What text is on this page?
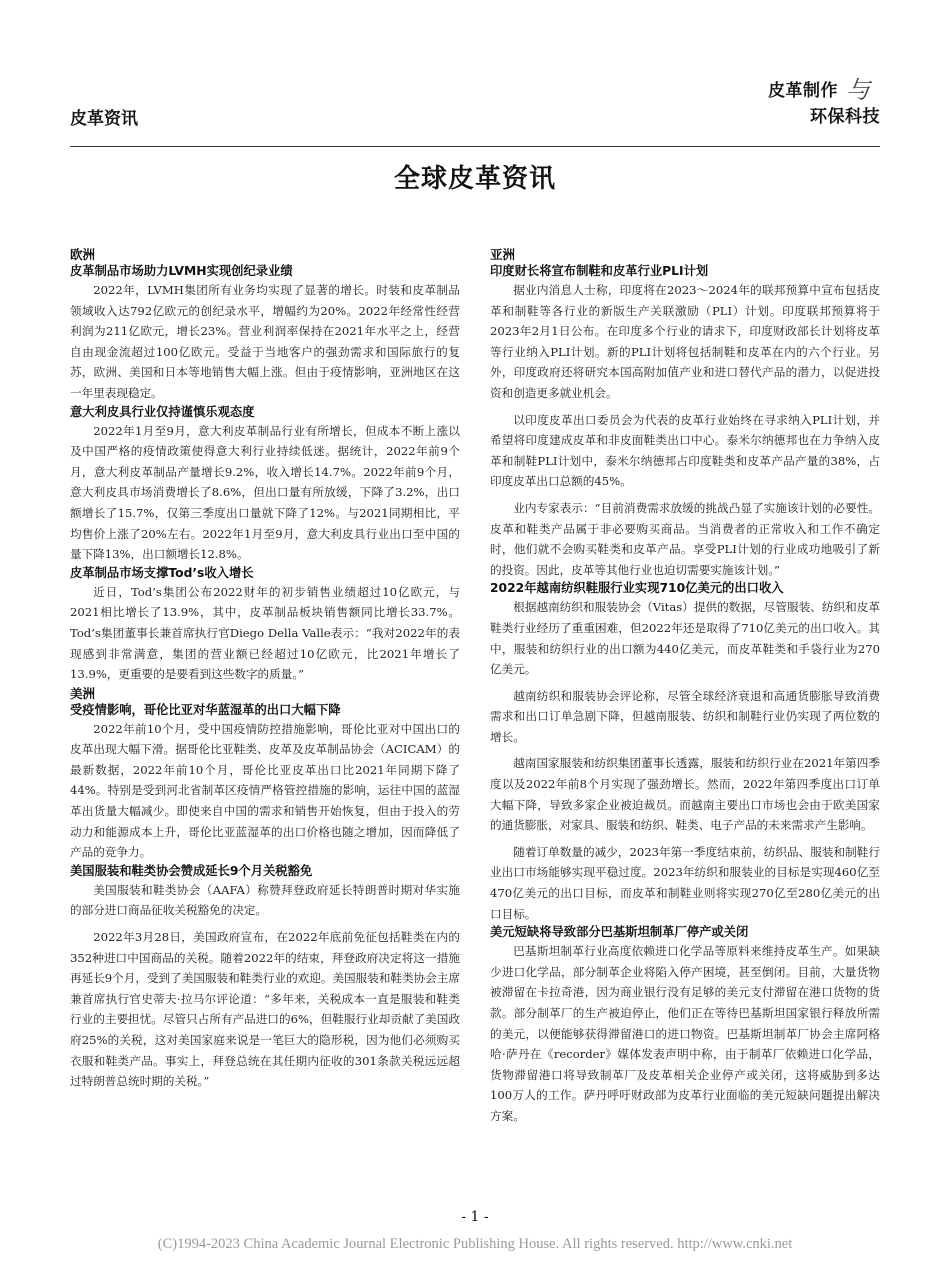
皮革资讯
皮革制作 与
环保科技
全球皮革资讯
欧洲
皮革制品市场助力LVMH实现创纪录业绩

2022年，LVMH集团所有业务均实现了显著的增长。时装和皮革制品领域收入达792亿欧元的创纪录水平，增幅约为20%。2022年经常性经营利润为211亿欧元，增长23%。营业利润率保持在2021年水平之上，经营自由现金流超过100亿欧元。受益于当地客户的强劲需求和国际旅行的复苏，欧洲、美国和日本等地销售大幅上涨。但由于疫情影响，亚洲地区在这一年里表现稳定。

意大利皮具行业仅持谨慎乐观态度

2022年1月至9月，意大利皮革制品行业有所增长，但成本不断上涨以及中国严格的疫情政策使得意大利行业持续低迷。据统计，2022年前9个月，意大利皮革制品产量增长9.2%，收入增长14.7%。2022年前9个月，意大利皮具市场消费增长了8.6%，但出口量有所放缓，下降了3.2%，出口额增长了15.7%，仅第三季度出口量就下降了12%。与2021同期相比，平均售价上涨了20%左右。2022年1月至9月，意大利皮具行业出口至中国的量下降13%，出口额增长12.8%。

皮革制品市场支撑Tod’s收入增长

近日，Tod’s集团公布2022财年的初步销售业绩超过10亿欧元，与2021相比增长了13.9%，其中，皮革制品板块销售额同比增长33.7%。Tod’s集团董事长兼首席执行官Diego Della Valle表示：“我对2022年的表现感到非常满意，集团的营业额已经超过10亿欧元，比2021年增长了13.9%，更重要的是要看到这些数字的质量。”

美洲
受疫情影响，哥伦比亚对华蓝湿革的出口大幅下降

2022年前10个月，受中国疫情防控措施影响，哥伦比亚对中国出口的皮革出现大幅下滑。据哥伦比亚鞋类、皮革及皮革制品协会（ACICAM）的最新数据，2022年前10个月，哥伦比亚皮革出口比2021年同期下降了44%。特别是受到河北省制革区疫情严格管控措施的影响，运往中国的蓝湿革出货量大幅减少。即使来自中国的需求和销售开始恢复，但由于投入的劳动力和能源成本上升，哥伦比亚蓝湿革的出口价格也随之增加，因而降低了产品的竞争力。

美国服装和鞋类协会赞成延长9个月关税豁免

美国服装和鞋类协会（AAFA）称赞拜登政府延长特朗普时期对华实施的部分进口商品征收关税豁免的决定。

2022年3月28日，美国政府宣布，在2022年底前免征包括鞋类在内的352种进口中国商品的关税。随着2022年的结束，拜登政府决定将这一措施再延长9个月，受到了美国服装和鞋类行业的欢迎。美国服装和鞋类协会主席兼首席执行官史蒂夫·拉马尔评论道：“多年来，关税成本一直是服装和鞋类行业的主要担忧。尽管只占所有产品进口的6%，但鞋服行业却贡献了美国政府25%的关税，这对美国家庭来说是一笔巨大的隐形税，因为他们必须购买衣服和鞋类产品。事实上，拜登总统在其任期内征收的301条款关税远远超过特朗普总统时期的关税。”

亚洲
印度财长将宣布制鞋和皮革行业PLI计划

据业内消息人士称，印度将在2023～2024年的联邦预算中宣布包括皮革和制鞋等各行业的新版生产关联激励（PLI）计划。印度联邦预算将于2023年2月1日公布。在印度多个行业的请求下，印度财政部长计划将皮革等行业纳入PLI计划。新的PLI计划将包括制鞋和皮革在内的六个行业。另外，印度政府还将研究本国高附加值产业和进口替代产品的潜力，以促进投资和创造更多就业机会。

以印度皮革出口委员会为代表的皮革行业始终在寻求纳入PLI计划，并希望将印度建成皮革和非皮面鞋类出口中心。泰米尔纳德邦也在力争纳入皮革和制鞋PLI计划中，泰米尔纳德邦占印度鞋类和皮革产品产量的38%，占印度皮革出口总额的45%。

业内专家表示：“目前消费需求放缓的挑战凸显了实施该计划的必要性。皮革和鞋类产品属于非必要购买商品。当消费者的正常收入和工作不确定时，他们就不会购买鞋类和皮革产品。享受PLI计划的行业成功地吸引了新的投资。因此，皮革等其他行业也迫切需要实施该计划。”

2022年越南纺织鞋服行业实现710亿美元的出口收入

根据越南纺织和服装协会（Vitas）提供的数据，尽管服装、纺织和皮革鞋类行业经历了重重困难，但2022年还是取得了710亿美元的出口收入。其中，服装和纺织行业的出口额为440亿美元，而皮革鞋类和手袋行业为270亿美元。

越南纺织和服装协会评论称，尽管全球经济衰退和高通货膨胀导致消费需求和出口订单急剧下降，但越南服装、纺织和制鞋行业仍实现了两位数的增长。

越南国家服装和纺织集团董事长透露，服装和纺织行业在2021年第四季度以及2022年前8个月实现了强劲增长。然而，2022年第四季度出口订单大幅下降，导致多家企业被迫裁员。而越南主要出口市场也会由于欧美国家的通货膨胀，对家具、服装和纺织、鞋类、电子产品的未来需求产生影响。

随着订单数量的减少，2023年第一季度结束前，纺织品、服装和制鞋行业出口市场能够实现平稳过度。2023年纺织和服装业的目标是实现460亿至470亿美元的出口目标，而皮革和制鞋业则将实现270亿至280亿美元的出口目标。

美元短缺将导致部分巴基斯坦制革厂停产或关闭

巴基斯坦制革行业高度依赖进口化学品等原料来维持皮革生产。如果缺少进口化学品，部分制革企业将陷入停产困境，甚至倒闭。目前，大量货物被滞留在卡拉奇港，因为商业银行没有足够的美元支付滞留在港口货物的货款。部分制革厂的生产被迫停止，他们正在等待巴基斯坦国家银行释放所需的美元，以便能够获得滞留港口的进口物资。巴基斯坦制革厂协会主席阿格哈·萨丹在《recorder》媒体发表声明中称，由于制革厂依赖进口化学品，货物滞留港口将导致制革厂及皮革相关企业停产或关闭，这将威胁到多达100万人的工作。萨丹呼吁财政部为皮革行业面临的美元短缺问题提出解决方案。

- 1 -
(C)1994-2023 China Academic Journal Electronic Publishing House. All rights reserved. http://www.cnki.net
